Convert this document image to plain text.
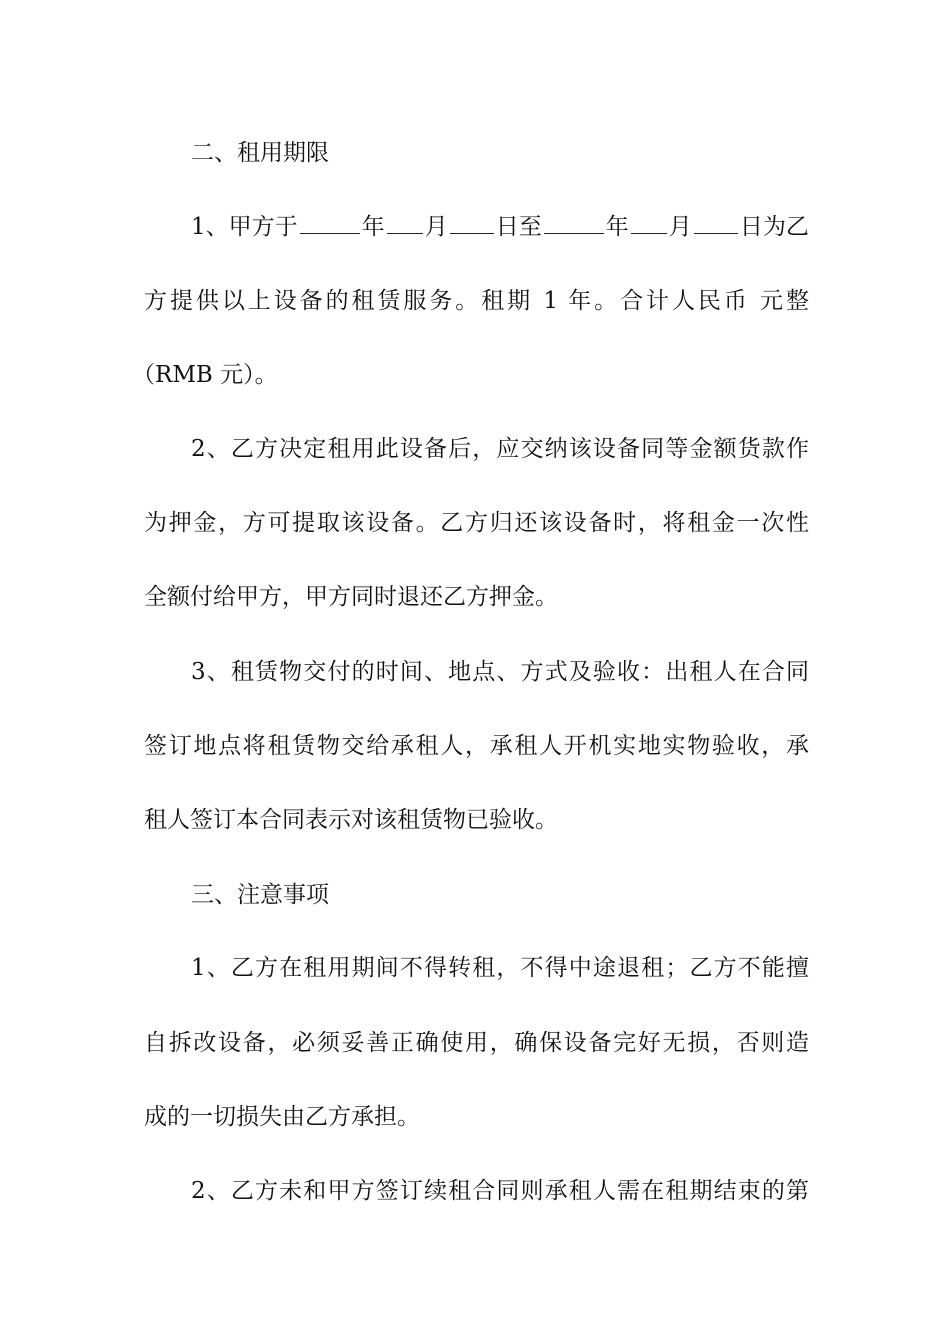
二、租用期限
1、甲方于	年 月 日至	年 月 日为乙
方提供以上设备的租赁服务。租期 1 年。合计人民币 元整
（RMB 元）。
2、乙方决定租用此设备后，应交纳该设备同等金额货款作
为押金，方可提取该设备。乙方归还该设备时，将租金一次性
全额付给甲方，甲方同时退还乙方押金。
3、租赁物交付的时间、地点、方式及验收：出租人在合同
签订地点将租赁物交给承租人，承租人开机实地实物验收，承
租人签订本合同表示对该租赁物已验收。
三、注意事项
1、乙方在租用期间不得转租，不得中途退租；乙方不能擅
自拆改设备，必须妥善正确使用，确保设备完好无损，否则造
成的一切损失由乙方承担。
2、乙方未和甲方签订续租合同则承租人需在租期结束的第
